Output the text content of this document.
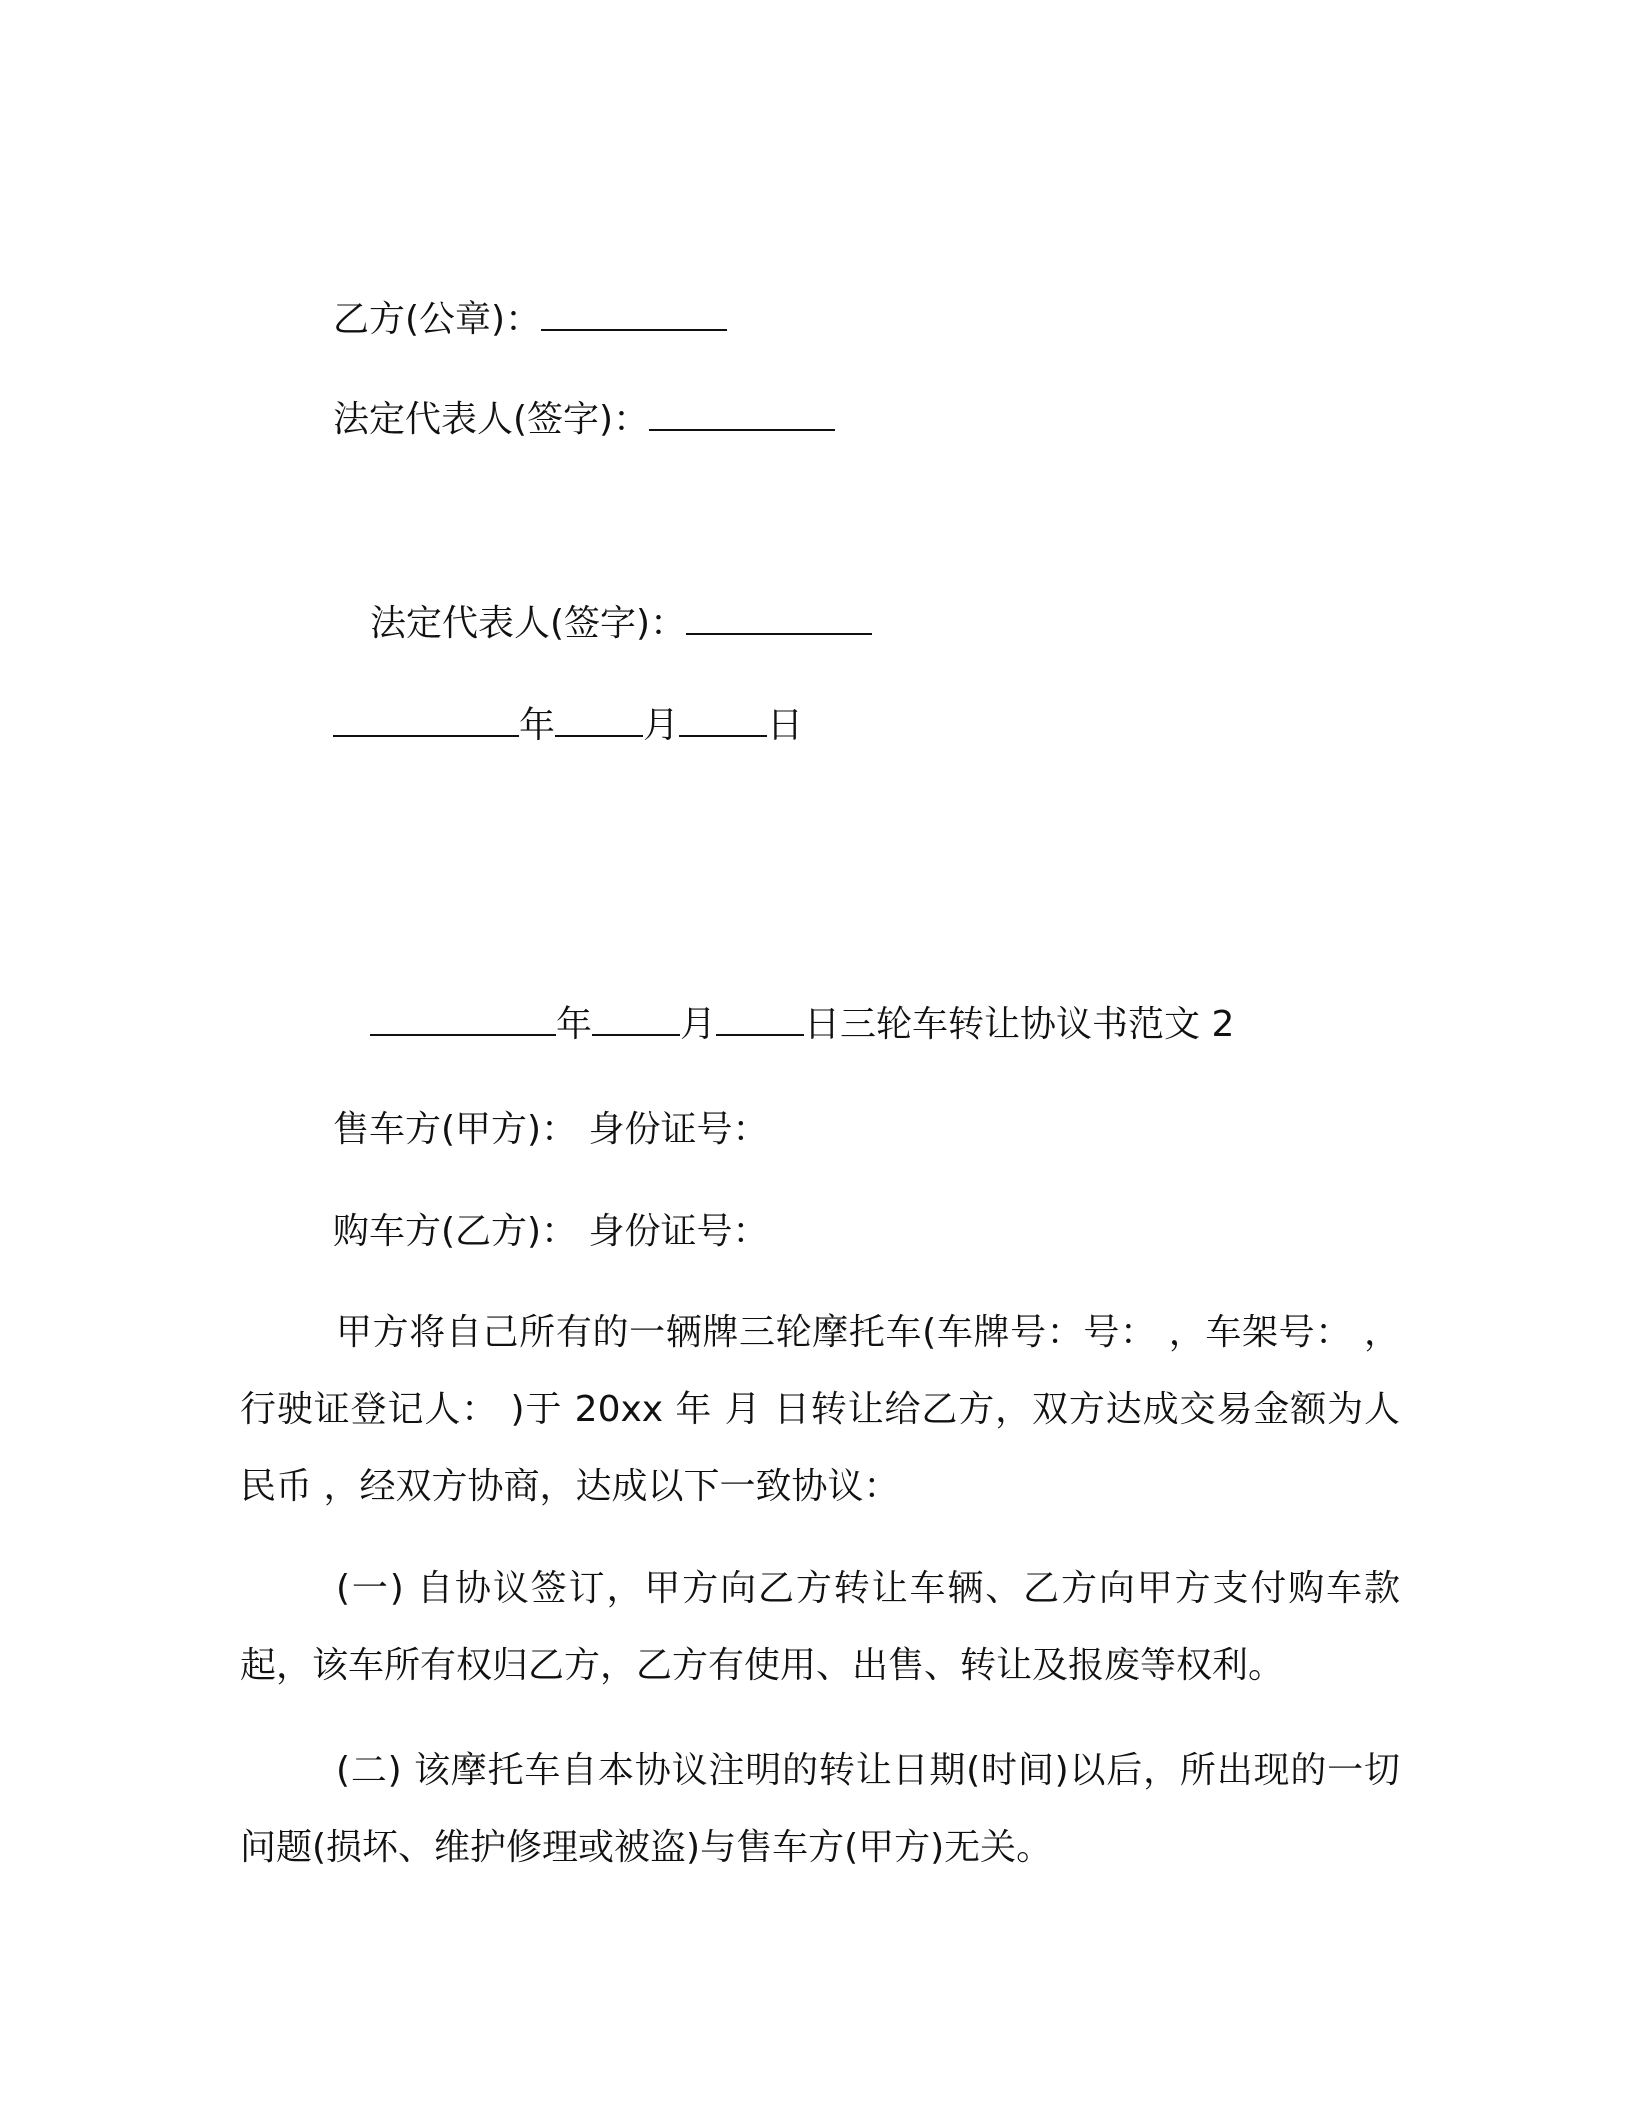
乙方(公章)：
法定代表人(签字)：
法定代表人(签字)：
年 月 日
年 月 日三轮车转让协议书范文 2
售车方(甲方)： 身份证号：
购车方(乙方)： 身份证号：
甲方将自己所有的一辆牌三轮摩托车(车牌号：号： ，车架号： ，行驶证登记人： )于 20xx 年 月 日转让给乙方，双方达成交易金额为人民币 ，经双方协商，达成以下一致协议：
(一) 自协议签订，甲方向乙方转让车辆、乙方向甲方支付购车款起，该车所有权归乙方，乙方有使用、出售、转让及报废等权利。
(二) 该摩托车自本协议注明的转让日期(时间)以后，所出现的一切问题(损坏、维护修理或被盗)与售车方(甲方)无关。
